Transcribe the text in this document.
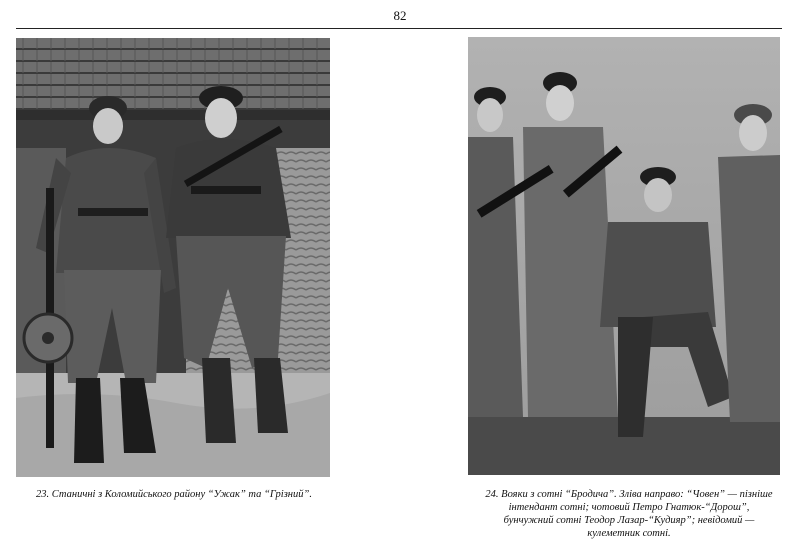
82
23. Станичні з Коломийського району “Ужак” та “Грізний”.	24. Вояки з сотні “Бродича”. Зліва направо: “Човен” — пізніше інтендант сотні; чотовий Петро Гнатюк-“Дорош”, бунчужний сотні Теодор Лазар-“Кудияр”; невідомий — кулеметник сотні.
